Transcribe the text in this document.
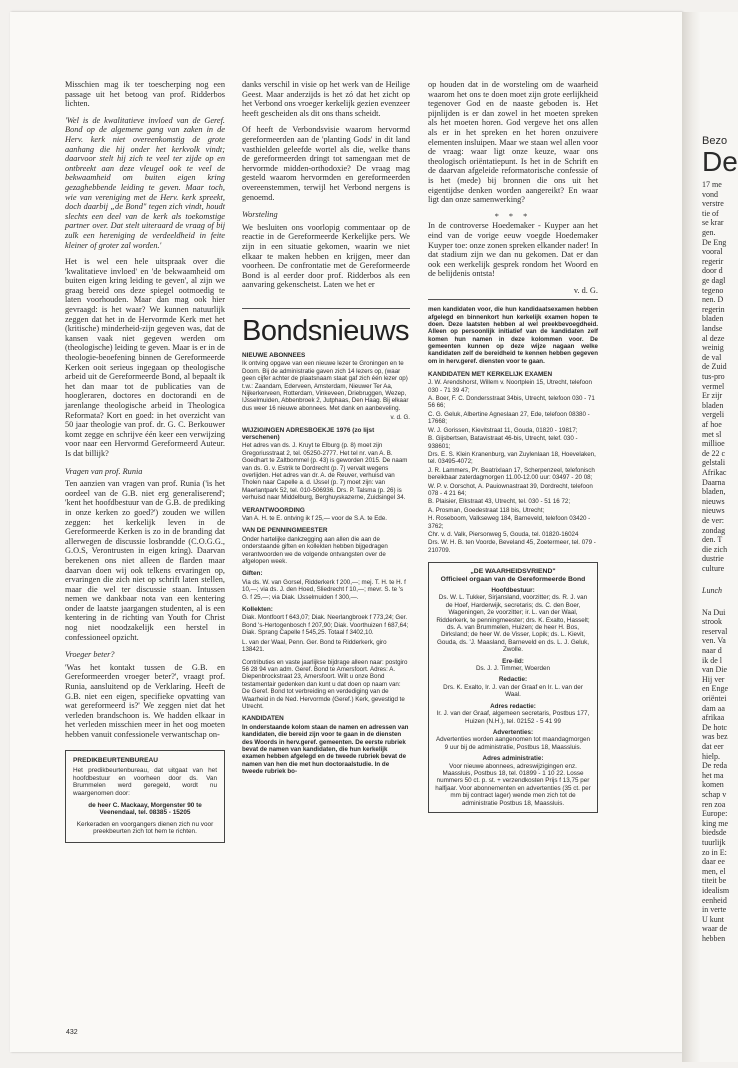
Misschien mag ik ter toescherping nog een passage uit het betoog van prof. Ridderbos lichten.

'Wel is de kwalitatieve invloed van de Geref. Bond op de algemene gang van zaken in de Herv. kerk niet overeenkomstig de grote aanhang die hij onder het kerkvolk vindt; daarvoor stelt hij zich te veel ter zijde op en ontbreekt aan deze vleugel ook te veel de bekwaamheid om buiten eigen kring gezaghebbende leiding te geven. Maar toch, wie van vereniging met de Herv. kerk spreekt, doch daarbij „de Bond" tegen zich vindt, houdt slechts een deel van de kerk als toekomstige partner over. Dat stelt uiteraard de vraag of bij zulk een hereniging de verdeeldheid in feite kleiner of groter zal worden.'

Het is wel een hele uitspraak over die 'kwalitatieve invloed' en 'de bekwaamheid om buiten eigen kring leiding te geven', al zijn we graag bereid ons deze spiegel ootmoedig te laten voorhouden. Maar dan mag ook hier gevraagd: is het waar? We kunnen natuurlijk zeggen dat het in de Hervormde Kerk met het (kritische) minderheid-zijn gegeven was, dat de kansen vaak niet gegeven werden om (theologische) leiding te geven. Maar is er in de theologie-beoefening binnen de Gereformeerde Kerken ooit serieus ingegaan op theologische arbeid uit de Gereformeerde Bond, al bepaalt ik het dan maar tot de publicaties van de hoogleraren, doctores en doctorandi en de jarenlange theologische arbeid in Theologica Reformata? Kort en goed: in het overzicht van 50 jaar theologie van prof. dr. G. C. Berkouwer komt zegge en schrijve één keer een verwijzing voor naar een Hervormd Gereformeerd Auteur. Is dat billijk?

Vragen van prof. Runia

Ten aanzien van vragen van prof. Runia ('is het oordeel van de G.B. niet erg generaliserend'; 'kent het hoofdbestuur van de G.B. de prediking in onze kerken zo goed?') zouden we willen zeggen: het kerkelijk leven in de Gereformeerde Kerken is zo in de branding dat allerwegen de discussie losbrandde (C.O.G.G., G.O.S, Verontrusten in eigen kring). Daarvan berekenen ons niet alleen de flarden maar daarvan doen wij ook telkens ervaringen op, ervaringen die zich niet op schrift laten stellen, maar die wel ter discussie staan. Intussen nemen we dankbaar nota van een kentering onder de laatste jaargangen studenten, al is een kentering in de richting van Youth for Christ nog niet noodzakelijk een herstel in confessioneel opzicht.

Vroeger beter?

'Was het kontakt tussen de G.B. en Gereformeerden vroeger beter?', vraagt prof. Runia, aansluitend op de Verklaring. Heeft de G.B. niet een eigen, specifieke opvatting van wat gereformeerd is?' We zeggen niet dat het verleden brandschoon is. We hadden elkaar in het verleden misschien meer in het oog moeten hebben vanuit confessionele verwantschap on-

PREDIKBEURTENBUREAU

Het predikbeurtenbureau, dat uitgaat van het hoofdbestuur en voorheen door ds. Van Brummelen werd geregeld, wordt nu waargenomen door:

de heer C. Mackaay, Morgenster 90 te Veenendaal, tel. 08385 - 15205

Kerkeraden en voorgangers dienen zich nu voor preekbeurten zich tot hem te richten.

danks verschil in visie op het werk van de Heilige Geest. Maar anderzijds is het zó dat het zicht op het Verbond ons vroeger kerkelijk gezien evenzeer heeft gescheiden als dit ons thans scheidt.

Of heeft de Verbondsvisie waarom hervormd gereformeerden aan de 'planting Gods' in dit land vasthielden geleefde wortel als die, welke thans de gereformeerden dringt tot samengaan met de hervormde midden-orthodoxie? De vraag mag gesteld waarom hervormden en gereformeerden overeenstemmen, terwijl het Verbond nergens is genoemd.

Worsteling

We besluiten ons voorlopig commentaar op de reactie in de Gereformeerde Kerkelijke pers. We zijn in een situatie gekomen, waarin we niet elkaar te maken hebben en krijgen, meer dan voorheen. De confrontatie met de Gereformeerde Bond is al eerder door prof. Ridderbos als een aanvaring gekenschetst. Laten we het er

Bondsnieuws
NIEUWE ABONNEES

Ik ontving opgave van een nieuwe lezer te Groningen en te Doorn. Bij de administratie gaven zich 14 lezers op, (waar geen cijfer achter de plaatsnaam staat gaf zich één lezer op) t.w.: Zaandam, Ederveen, Amsterdam, Nieuwer Ter Aa, Nijkerkerveen, Rotterdam, Vinkeveen, Driebruggen, Wezep, IJsselmuiden, Abbenbroek 2, Jutphaas, Den Haag. Bij elkaar dus weer 16 nieuwe abonnees. Met dank en aanbeveling.

v. d. G.

WIJZIGINGEN ADRESBOEKJE 1976 (zo lijst verschenen)

Het adres van ds. J. Kruyt te Elburg (p. 8) moet zijn Gregoriusstraat 2, tel. 05250-2777. Het tel nr. van A. B. Goedhart te Zaltbommel (p. 43) is geworden 2015. De naam van ds. G. v. Estrik te Dordrecht (p. 7) vervalt wegens overlijden. Het adres van dr. A. de Reuver, verhuisd van Tholen naar Capelle a. d. IJssel (p. 7) moet zijn: van Maerlantpark 52, tel. 010-506936. Drs. P. Talsma (p. 26) is verhuisd naar Middelburg, Berghuyskazerne, Zuidsingel 34.

VERANTWOORDING

Van A. H. te E. ontving ik f 25,— voor de S.A. te Ede.

VAN DE PENNINGMEESTER

Onder hartelijke dankzegging aan allen die aan de onderstaande giften en kollekten hebben bijgedragen verantwoorden we de volgende ontvangsten over de afgelopen week.

Giften:

Via ds. W. van Gorsel, Ridderkerk f 200,—; mej. T. H. te H. f 10,—; via ds. J. den Hoed, Sliedrecht f 10,—; mevr. S. te 's G. f 25,—; via Diak. IJsselmuiden f 300,—.

Kollekten:

Diak. Montfoort f 643,07; Diak. Neerlangbroek f 773,24; Ger. Bond 's-Hertogenbosch f 207,90; Diak. Voorthuizen f 687,64; Diak. Sprang Capelle f 545,25. Totaal f 3402,10.

L. van der Waal, Penn. Ger. Bond te Ridderkerk, giro 138421.

Contributies en vaste jaarlijkse bijdrage alleen naar: postgiro 56 28 94 van adm. Geref. Bond te Amersfoort. Adres: A. Diepenbrockstraat 23, Amersfoort. Wilt u onze Bond testamentair gedenken dan kunt u dat doen op naam van: De Geref. Bond tot verbreiding en verdediging van de Waarheid in de Ned. Hervormde (Geref.) Kerk, gevestigd te Utrecht.

KANDIDATEN

In onderstaande kolom staan de namen en adressen van kandidaten, die bereid zijn voor te gaan in de diensten des Woords in herv.geref. gemeenten. De eerste rubriek bevat de namen van kandidaten, die hun kerkelijk examen hebben afgelegd en de tweede rubriek bevat de namen van hen die met hun doctoraalstudie. In de tweede rubriek bo-

op houden dat in de worsteling om de waarheid waarom het ons te doen moet zijn grote eerlijkheid tegenover God en de naaste geboden is. Het pijnlijden is er dan zowel in het moeten spreken als het moeten horen. God vergeve het ons allen als er in het spreken en het horen onzuivere elementen insluipen. Maar we staan wel allen voor de vraag: waar ligt onze keuze, waar ons theologisch oriëntatiepunt. Is het in de Schrift en de daarvan afgeleide reformatorische confessie of is het (mede) bij bronnen die ons uit het eigentijdse denken worden aangereikt? En waar ligt dan onze samenwerking?

* * *

In de controverse Hoedemaker - Kuyper aan het eind van de vorige eeuw voegde Hoedemaker Kuyper toe: onze zonen spreken elkander nader! In dat stadium zijn we dan nu gekomen. Dat er dan ook een werkelijk gesprek rondom het Woord en de belijdenis ontsta!

v. d. G.
men kandidaten voor, die hun kandidaatsexamen hebben afgelegd en binnenkort hun kerkelijk examen hopen te doen. Deze laatsten hebben al wel preekbevoegdheid. Alleen op persoonlijk initiatief van de kandidaten zelf komen hun namen in deze kolommen voor. De gemeenten kunnen op deze wijze nagaan welke kandidaten zelf de bereidheid te kennen hebben gegeven om in herv.geref. diensten voor te gaan.
KANDIDATEN MET KERKELIJK EXAMEN

J. W. Arendshorst, Willem v. Noortplein 15, Utrecht, telefoon 030 - 71 39 47;

A. Boer, F. C. Dondersstraat 34bis, Utrecht, telefoon 030 - 71 56 66;

C. G. Geluk, Albertine Agneslaan 27, Ede, telefoon 08380 - 17668;

W. J. Gorissen, Kievitstraat 11, Gouda, 01820 - 19817;

B. Gijsbertsen, Batavistraat 46-bis, Utrecht, telef. 030 - 938601;

Drs. E. S. Klein Kranenburg, van Zuylenlaan 18, Hoevelaken, tel. 03495-4072;

J. R. Lammers, Pr. Beatrixlaan 17, Scherpenzeel, telefonisch bereikbaar zaterdagmorgen 11.00-12.00 uur: 03497 - 20 08;

W. P. v. Oorschot, A. Pauiownastraat 39, Dordrecht, telefoon 078 - 4 21 64;

B. Plaisier, Elkstraat 43, Utrecht, tel. 030 - 51 16 72;

A. Prosman, Goedestraat 118 bis, Utrecht;

H. Roseboom, Valkseweg 184, Barneveld, telefoon 03420 - 3762;

Chr. v. d. Valk, Piersonweg 5, Gouda, tel. 01820-16024

Drs. W. H. B. ten Voorde, Beveland 45, Zoetermeer, tel. 079 - 210709.

„DE WAARHEIDSVRIEND"
Officieel orgaan van de Gereformeerde Bond
Hoofdbestuur:
Ds. W. L. Tukker, Sirjansland, voorzitter; ds. R. J. van de Hoef, Harderwijk, secretaris; ds. C. den Boer, Wageningen, 2e voorzitter; ir. L. van der Waal, Ridderkerk, te penningmeester; drs. K. Exalto, Hasselt; ds. A. van Brummelen, Huizen; de heer H. Bos, Dirksland; de heer W. de Visser, Lopik; ds. L. Kievit, Gouda, ds. 'J. Maasland, Barneveld en ds. L. J. Geluk, Zwolle.
Ere-lid:
Ds. J. J. Timmer, Woerden
Redactie:
Drs. K. Exalto, Ir. J. van der Graaf en Ir. L. van der Waal.
Adres redactie:
Ir. J. van der Graaf, algemeen secretaris, Postbus 177, Huizen (N.H.), tel. 02152 - 5 41 99
Advertenties:
Advertenties worden aangenomen tot maandagmorgen 9 uur bij de administratie, Postbus 18, Maassluis.
Adres administratie:
Voor nieuwe abonnees, adreswijzigingen enz. Maassluis, Postbus 18, tel. 01899 - 1 10 22. Losse nummers 50 ct. p. st. + verzendkosten Prijs f 13,75 per halfjaar. Voor abonnementen en advertenties (35 ct. per mm bij contract lager) wende men zich tot de administratie Postbus 18, Maassluis.
432
Bezo
De
17 me
vond
verstre
tie of
se krar
gen.
De Eng
vooral
regerir
door d
ge dagl
tegeno
nen. D
regerin
bladen
landse
al deze
weinig
de val
de Zuid
tus-pro
vermel
Er zijr
bladen
vergeli
af hoe
met sl
millioe
de 22 c
gelstali
Afrikac
Daarna
bladen,
nieuws
nieuws
de ver:
zondag
den. T
die zich
dustrie
culture
Lunch
Na Dui
strook
reserval
ven. Va
naar d
ik de l
van Die
Hij ver
en Enge
oriëntei
dam aa
afrikaa
De hotc
was bez
dat eer
hielp.
De reda
het ma
komen
schap v
ren zoa
Europe:
king me
biedsde
tuurlijk
zo in E:
daar ee
men, el
titeit be
idealism
eenheid
in verte
U kunt
waar de
hebben
